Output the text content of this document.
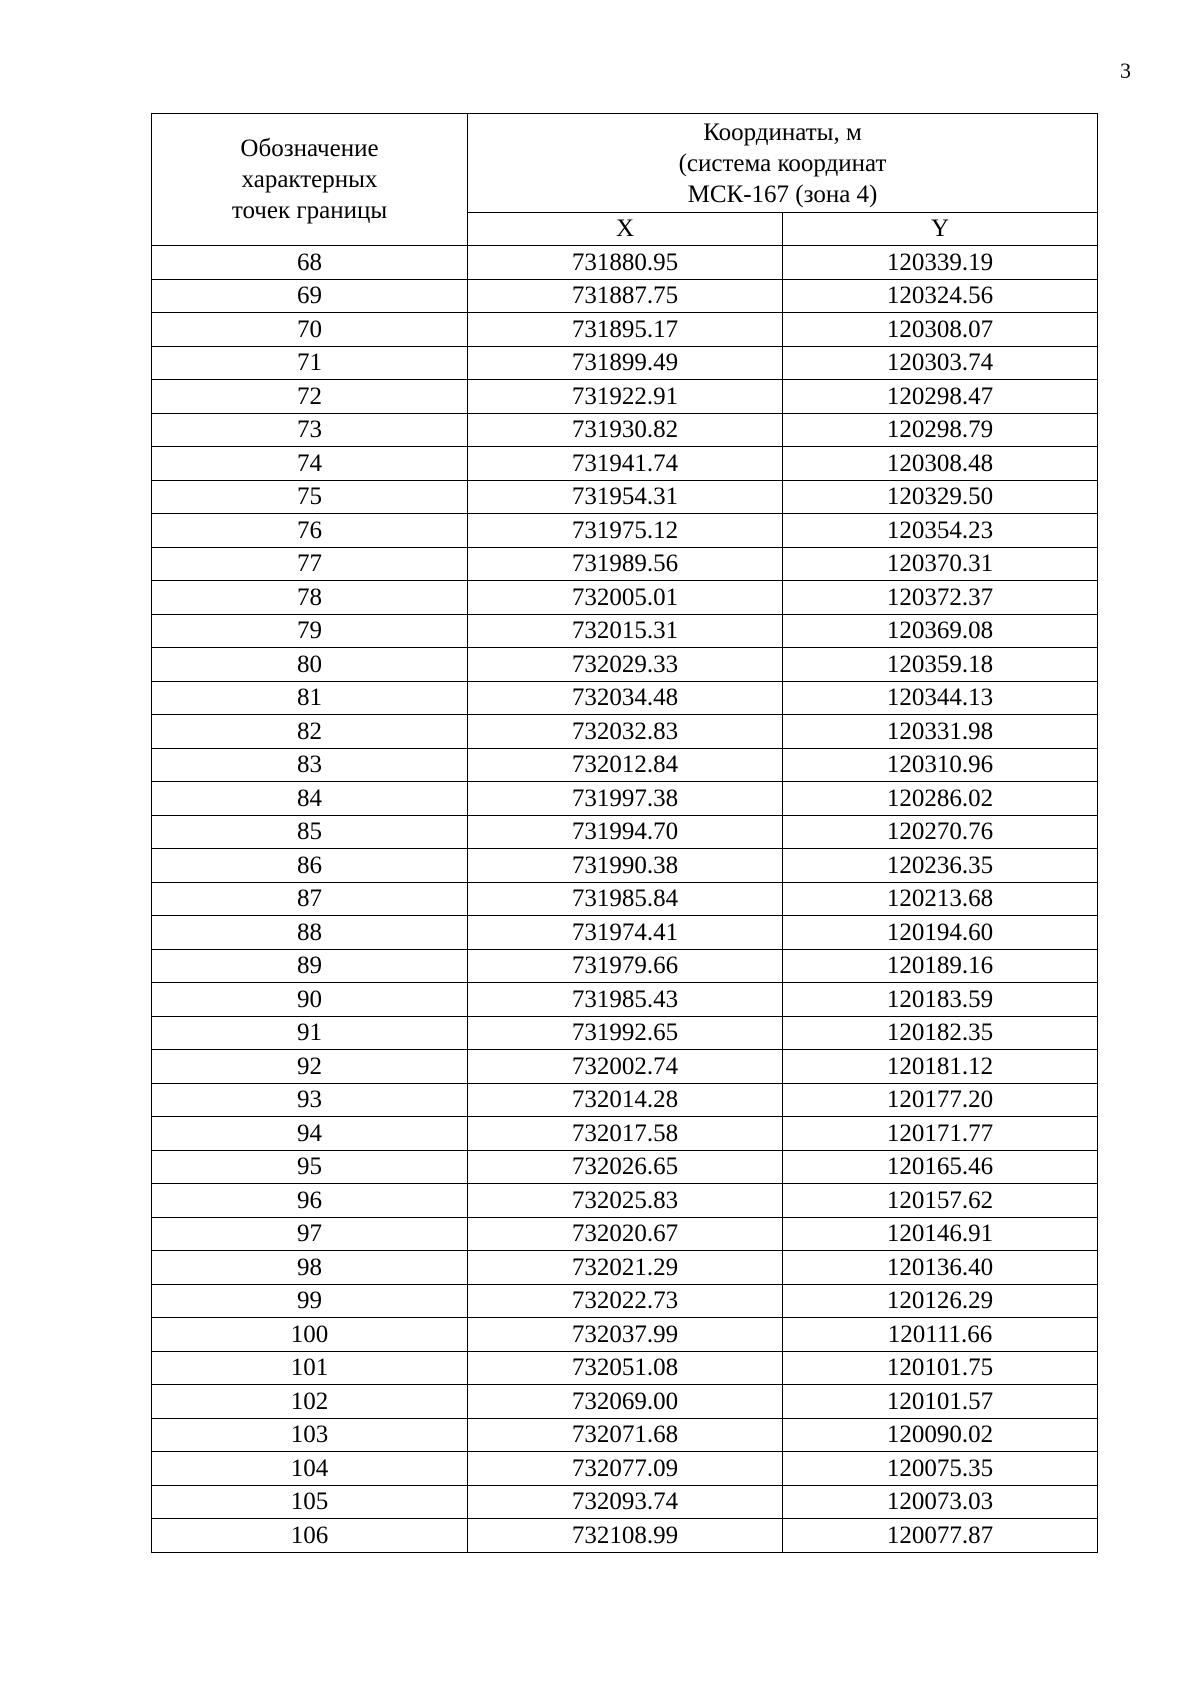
3
Обозначение
характерных
точек границы	Координаты, м
(система координат
МСК-167 (зона 4)	

	X	Y
68	731880.95	120339.19
69	731887.75	120324.56
70	731895.17	120308.07
71	731899.49	120303.74
72	731922.91	120298.47
73	731930.82	120298.79
74	731941.74	120308.48
75	731954.31	120329.50
76	731975.12	120354.23
77	731989.56	120370.31
78	732005.01	120372.37
79	732015.31	120369.08
80	732029.33	120359.18
81	732034.48	120344.13
82	732032.83	120331.98
83	732012.84	120310.96
84	731997.38	120286.02
85	731994.70	120270.76
86	731990.38	120236.35
87	731985.84	120213.68
88	731974.41	120194.60
89	731979.66	120189.16
90	731985.43	120183.59
91	731992.65	120182.35
92	732002.74	120181.12
93	732014.28	120177.20
94	732017.58	120171.77
95	732026.65	120165.46
96	732025.83	120157.62
97	732020.67	120146.91
98	732021.29	120136.40
99	732022.73	120126.29
100	732037.99	120111.66
101	732051.08	120101.75
102	732069.00	120101.57
103	732071.68	120090.02
104	732077.09	120075.35
105	732093.74	120073.03
106	732108.99	120077.87
